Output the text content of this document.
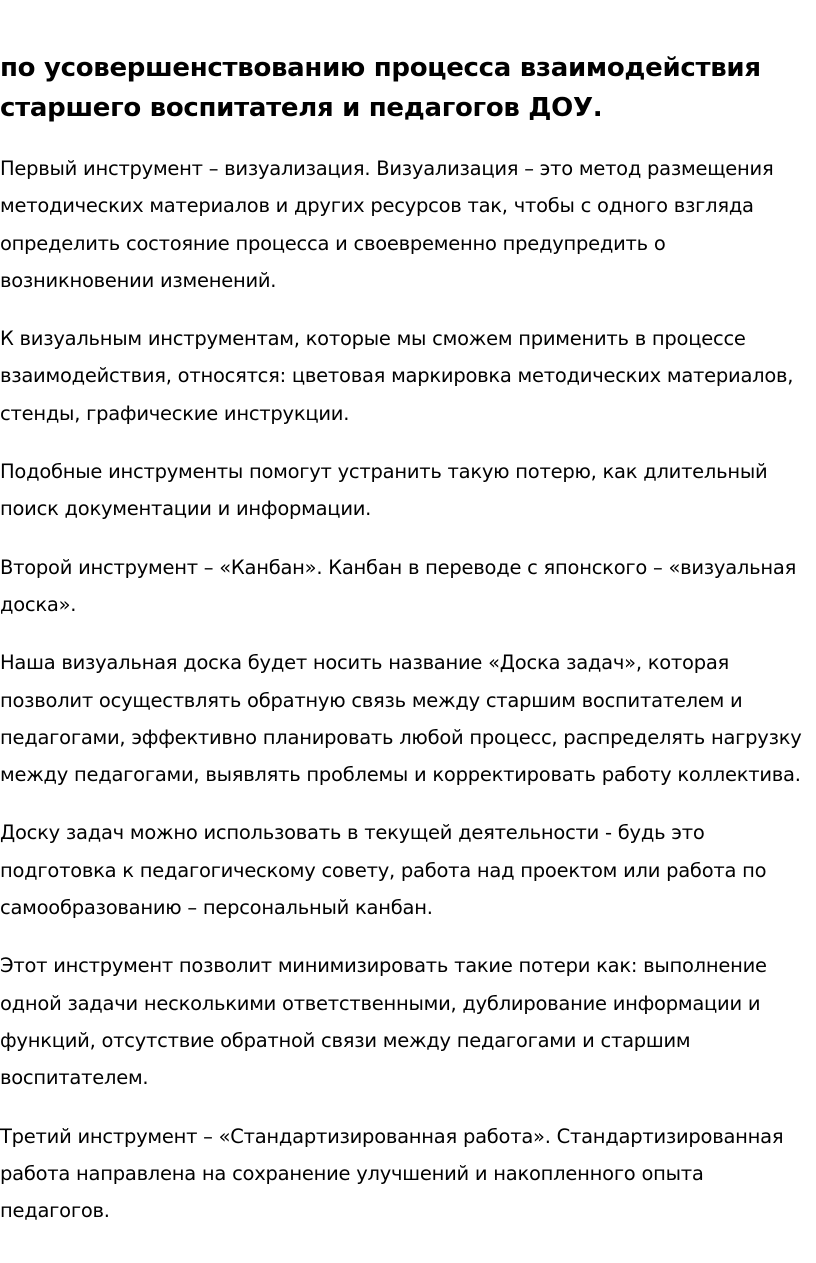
по усовершенствованию процесса взаимодействия старшего воспитателя и педагогов ДОУ.

Первый инструмент – визуализация. Визуализация – это метод размещения методических материалов и других ресурсов так, чтобы с одного взгляда определить состояние процесса и своевременно предупредить о возникновении изменений.

К визуальным инструментам, которые мы сможем применить в процессе взаимодействия, относятся: цветовая маркировка методических материалов, стенды, графические инструкции.

Подобные инструменты помогут устранить такую потерю, как длительный поиск документации и информации.

Второй инструмент – «Канбан». Канбан в переводе с японского – «визуальная доска».

Наша визуальная доска будет носить название «Доска задач», которая позволит осуществлять обратную связь между старшим воспитателем и педагогами, эффективно планировать любой процесс, распределять нагрузку между педагогами, выявлять проблемы и корректировать работу коллектива.

Доску задач можно использовать в текущей деятельности - будь это подготовка к педагогическому совету, работа над проектом или работа по самообразованию – персональный канбан.

Этот инструмент позволит минимизировать такие потери как: выполнение одной задачи несколькими ответственными, дублирование информации и функций, отсутствие обратной связи между педагогами и старшим воспитателем.

Третий инструмент – «Стандартизированная работа». Стандартизированная работа направлена на сохранение улучшений и накопленного опыта педагогов.
